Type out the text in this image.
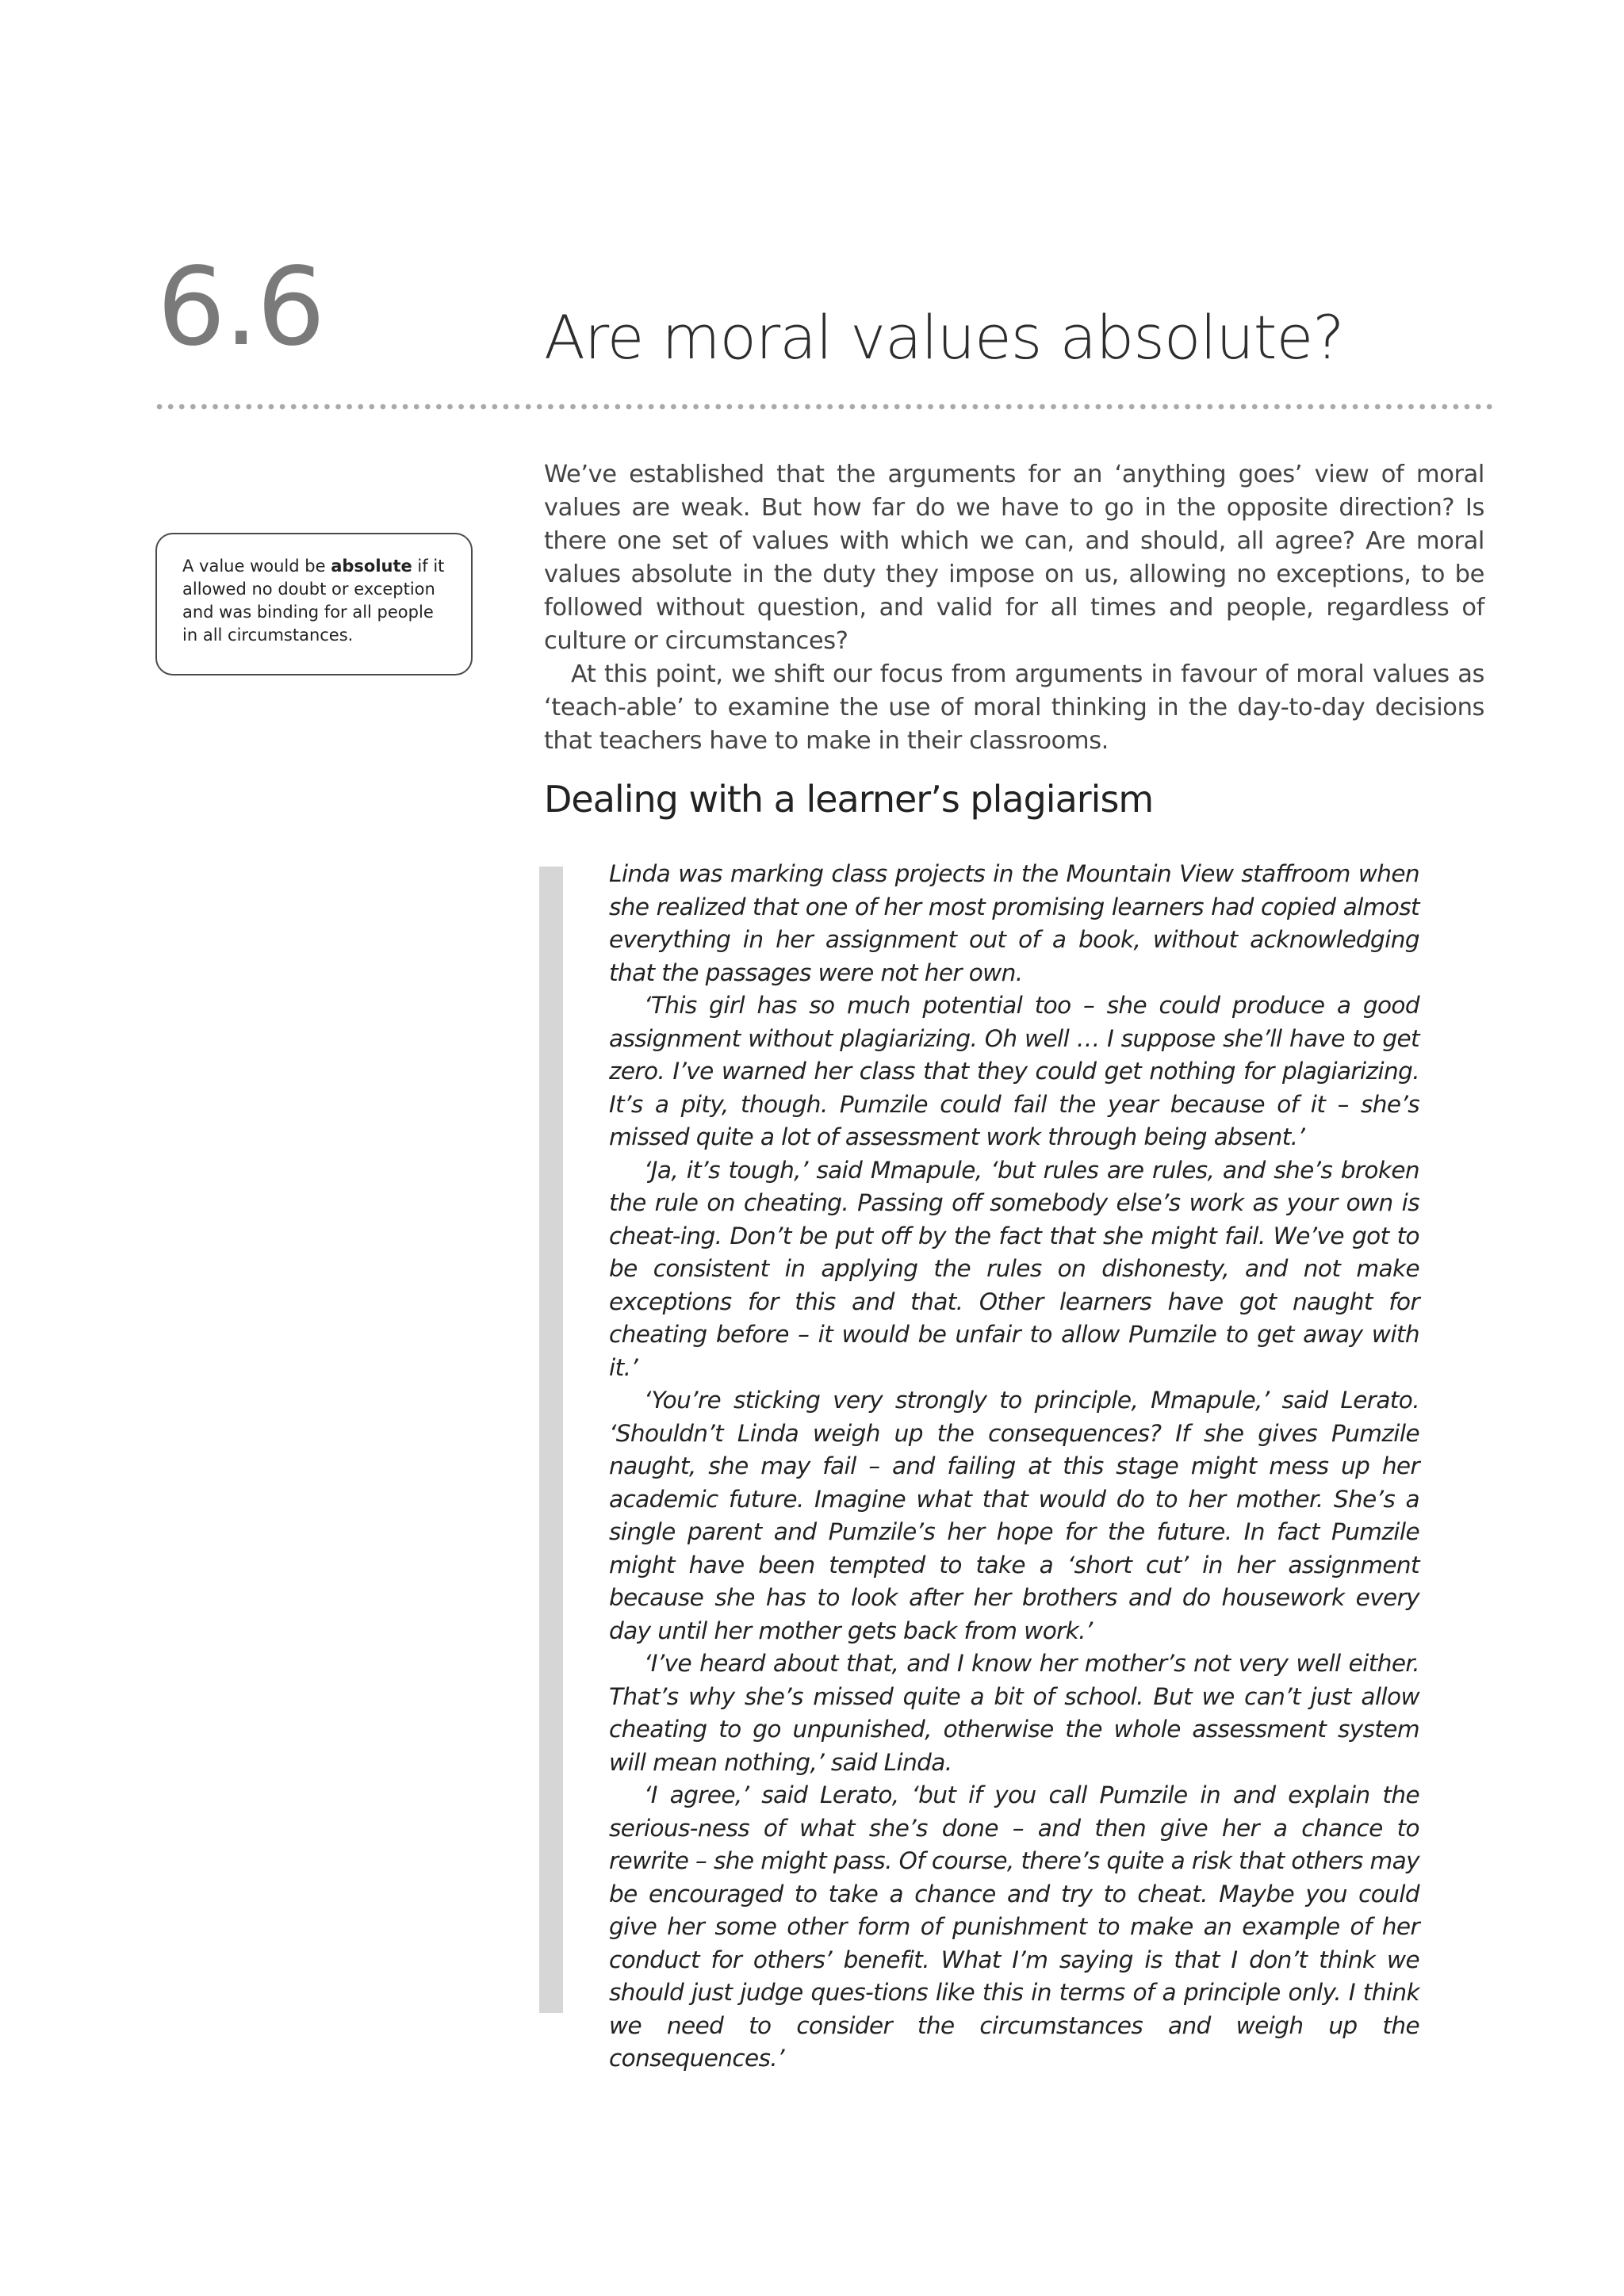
6.6	Are moral values absolute?
A value would be absolute if it allowed no doubt or exception and was binding for all people in all circumstances.

We’ve established that the arguments for an ‘anything goes’ view of moral values are weak. But how far do we have to go in the opposite direction? Is there one set of values with which we can, and should, all agree? Are moral values absolute in the duty they impose on us, allowing no exceptions, to be followed without question, and valid for all times and people, regardless of culture or circumstances?

At this point, we shift our focus from arguments in favour of moral values as ‘teach-able’ to examine the use of moral thinking in the day-to-day decisions that teachers have to make in their classrooms.

Dealing with a learner’s plagiarism

Linda was marking class projects in the Mountain View staffroom when she realized that one of her most promising learners had copied almost everything in her assignment out of a book, without acknowledging that the passages were not her own.

‘This girl has so much potential too – she could produce a good assignment without plagiarizing. Oh well … I suppose she’ll have to get zero. I’ve warned her class that they could get nothing for plagiarizing. It’s a pity, though. Pumzile could fail the year because of it – she’s missed quite a lot of assessment work through being absent.’

‘Ja, it’s tough,’ said Mmapule, ‘but rules are rules, and she’s broken the rule on cheating. Passing off somebody else’s work as your own is cheat-ing. Don’t be put off by the fact that she might fail. We’ve got to be consistent in applying the rules on dishonesty, and not make exceptions for this and that. Other learners have got naught for cheating before – it would be unfair to allow Pumzile to get away with it.’

‘You’re sticking very strongly to principle, Mmapule,’ said Lerato. ‘Shouldn’t Linda weigh up the consequences? If she gives Pumzile naught, she may fail – and failing at this stage might mess up her academic future. Imagine what that would do to her mother. She’s a single parent and Pumzile’s her hope for the future. In fact Pumzile might have been tempted to take a ‘short cut’ in her assignment because she has to look after her brothers and do housework every day until her mother gets back from work.’

‘I’ve heard about that, and I know her mother’s not very well either. That’s why she’s missed quite a bit of school. But we can’t just allow cheating to go unpunished, otherwise the whole assessment system will mean nothing,’ said Linda.

‘I agree,’ said Lerato, ‘but if you call Pumzile in and explain the serious-ness of what she’s done – and then give her a chance to rewrite – she might pass. Of course, there’s quite a risk that others may be encouraged to take a chance and try to cheat. Maybe you could give her some other form of punishment to make an example of her conduct for others’ benefit. What I’m saying is that I don’t think we should just judge ques-tions like this in terms of a principle only. I think we need to consider the circumstances and weigh up the consequences.’
